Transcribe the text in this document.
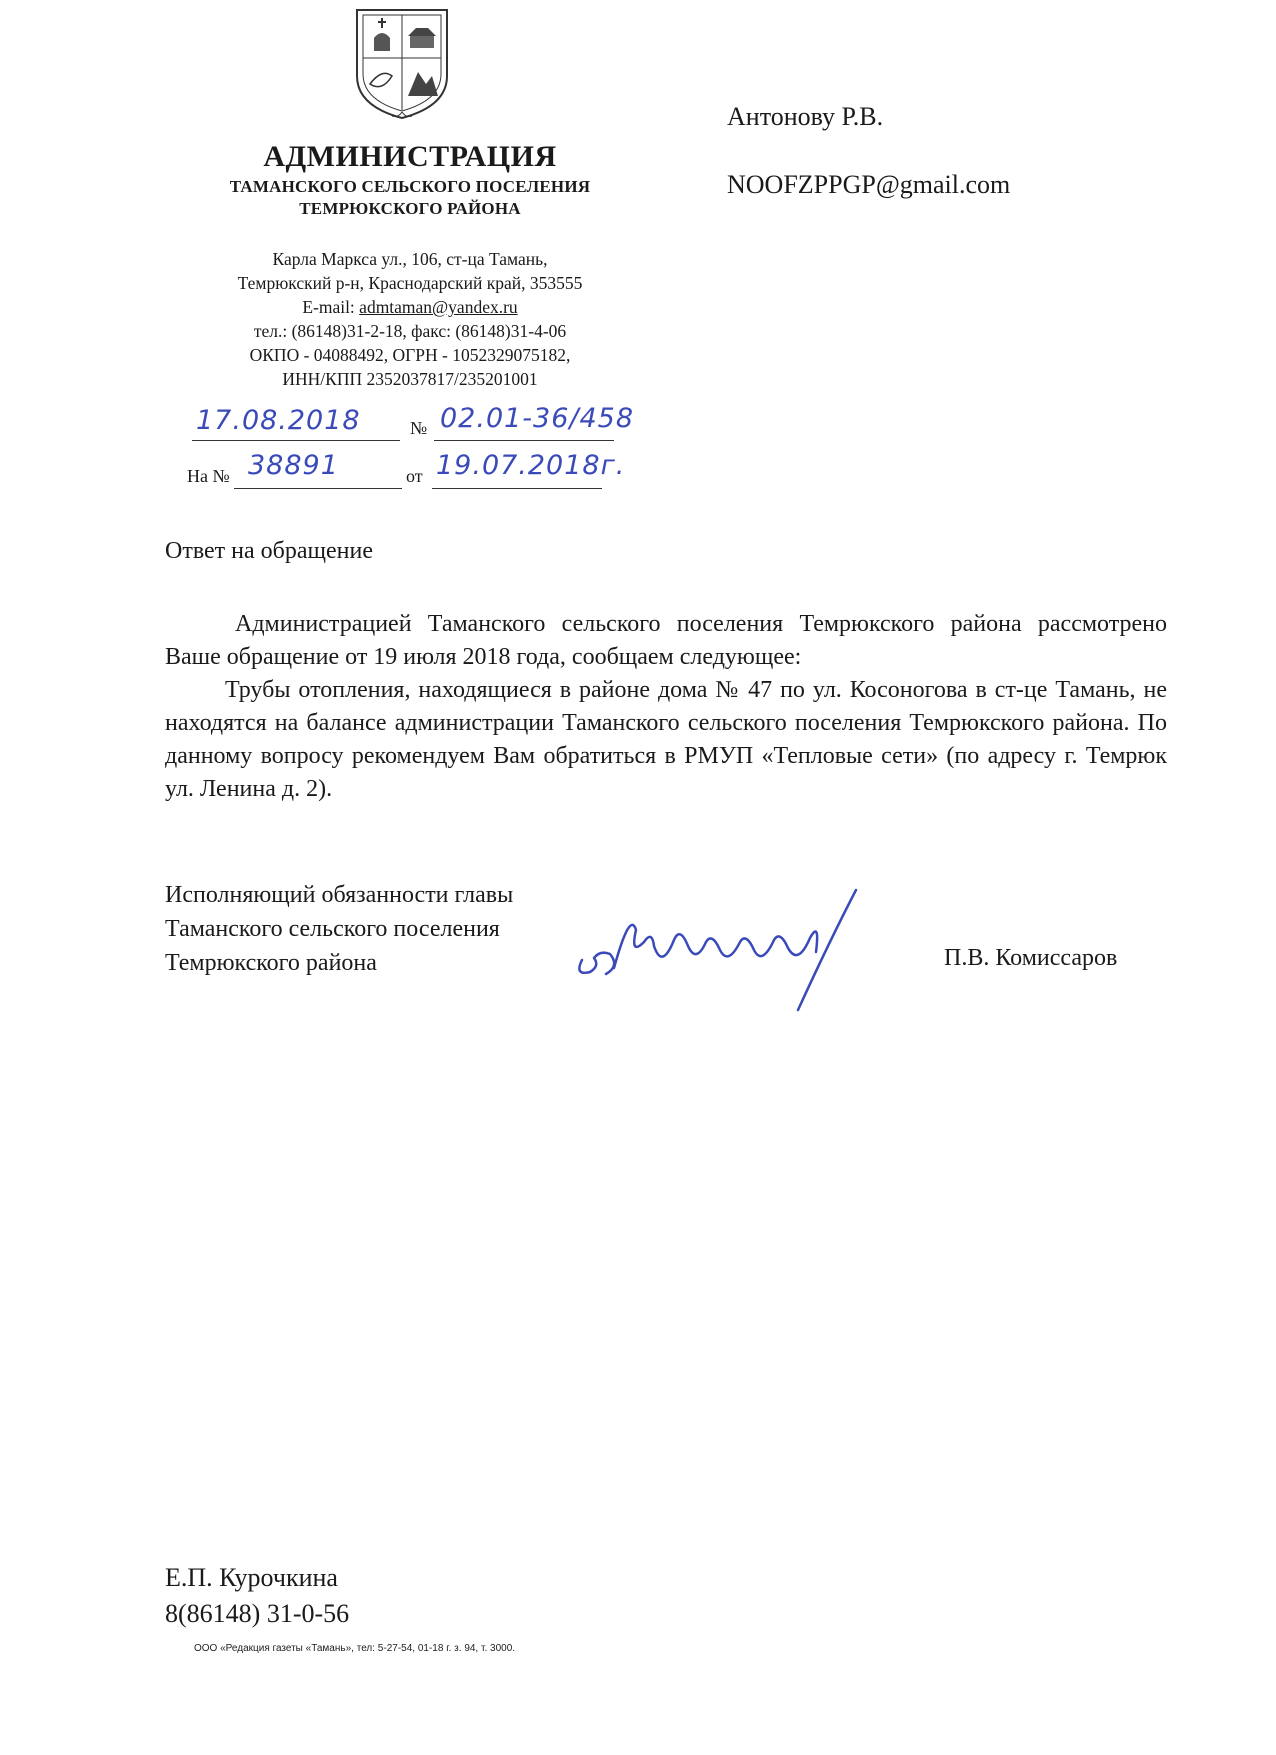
АДМИНИСТРАЦИЯ
ТАМАНСКОГО СЕЛЬСКОГО ПОСЕЛЕНИЯ
ТЕМРЮКСКОГО РАЙОНА
Карла Маркса ул., 106, ст-ца Тамань,
Темрюкский р-н, Краснодарский край, 353555
E-mail: admtaman@yandex.ru
тел.: (86148)31-2-18, факс: (86148)31-4-06
ОКПО - 04088492, ОГРН - 1052329075182,
ИНН/КПП 2352037817/235201001
17.08.2018	№ 02.01-36/458
На № 38891	от 19.07.2018г.
Антонову Р.В.
NOOFZPPGP@gmail.com
Ответ на обращение
Администрацией Таманского сельского поселения Темрюкского района рассмотрено Ваше обращение от 19 июля 2018 года, сообщаем следующее:
Трубы отопления, находящиеся в районе дома № 47 по ул. Косоногова в ст-це Тамань, не находятся на балансе администрации Таманского сельского поселения Темрюкского района. По данному вопросу рекомендуем Вам обратиться в РМУП «Тепловые сети» (по адресу г. Темрюк ул. Ленина д. 2).
Исполняющий обязанности главы
Таманского сельского поселения
Темрюкского района	П.В. Комиссаров
Е.П. Курочкина
8(86148) 31-0-56
ООО «Редакция газеты «Тамань», тел: 5-27-54, 01-18 г. з. 94, т. 3000.
